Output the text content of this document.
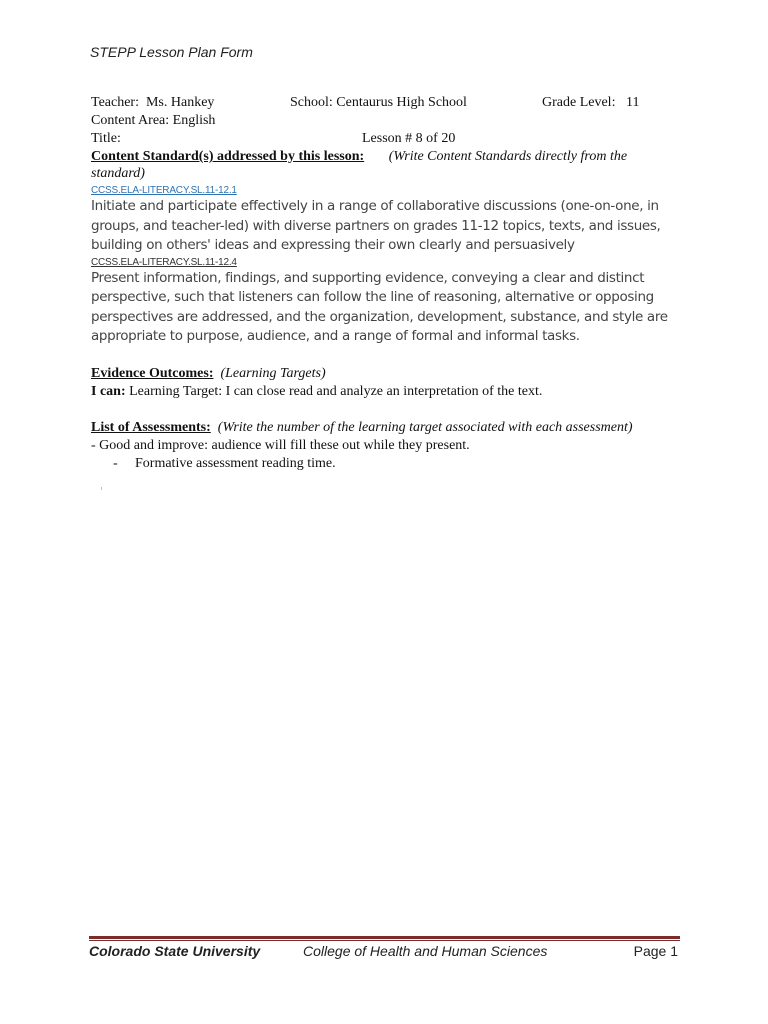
STEPP Lesson Plan Form
Teacher: Ms. Hankey	School: Centaurus High School	Grade Level: 11
Content Area: English
Title:	Lesson # 8 of 20
Content Standard(s) addressed by this lesson: (Write Content Standards directly from the standard)
CCSS.ELA-LITERACY.SL.11-12.1
Initiate and participate effectively in a range of collaborative discussions (one-on-one, in groups, and teacher-led) with diverse partners on grades 11-12 topics, texts, and issues, building on others' ideas and expressing their own clearly and persuasively
CCSS.ELA-LITERACY.SL.11-12.4
Present information, findings, and supporting evidence, conveying a clear and distinct perspective, such that listeners can follow the line of reasoning, alternative or opposing perspectives are addressed, and the organization, development, substance, and style are appropriate to purpose, audience, and a range of formal and informal tasks.
Evidence Outcomes: (Learning Targets)
I can: Learning Target: I can close read and analyze an interpretation of the text.
List of Assessments: (Write the number of the learning target associated with each assessment)
- Good and improve: audience will fill these out while they present.
-	Formative assessment reading time.
Colorado State University	College of Health and Human Sciences	Page 1
